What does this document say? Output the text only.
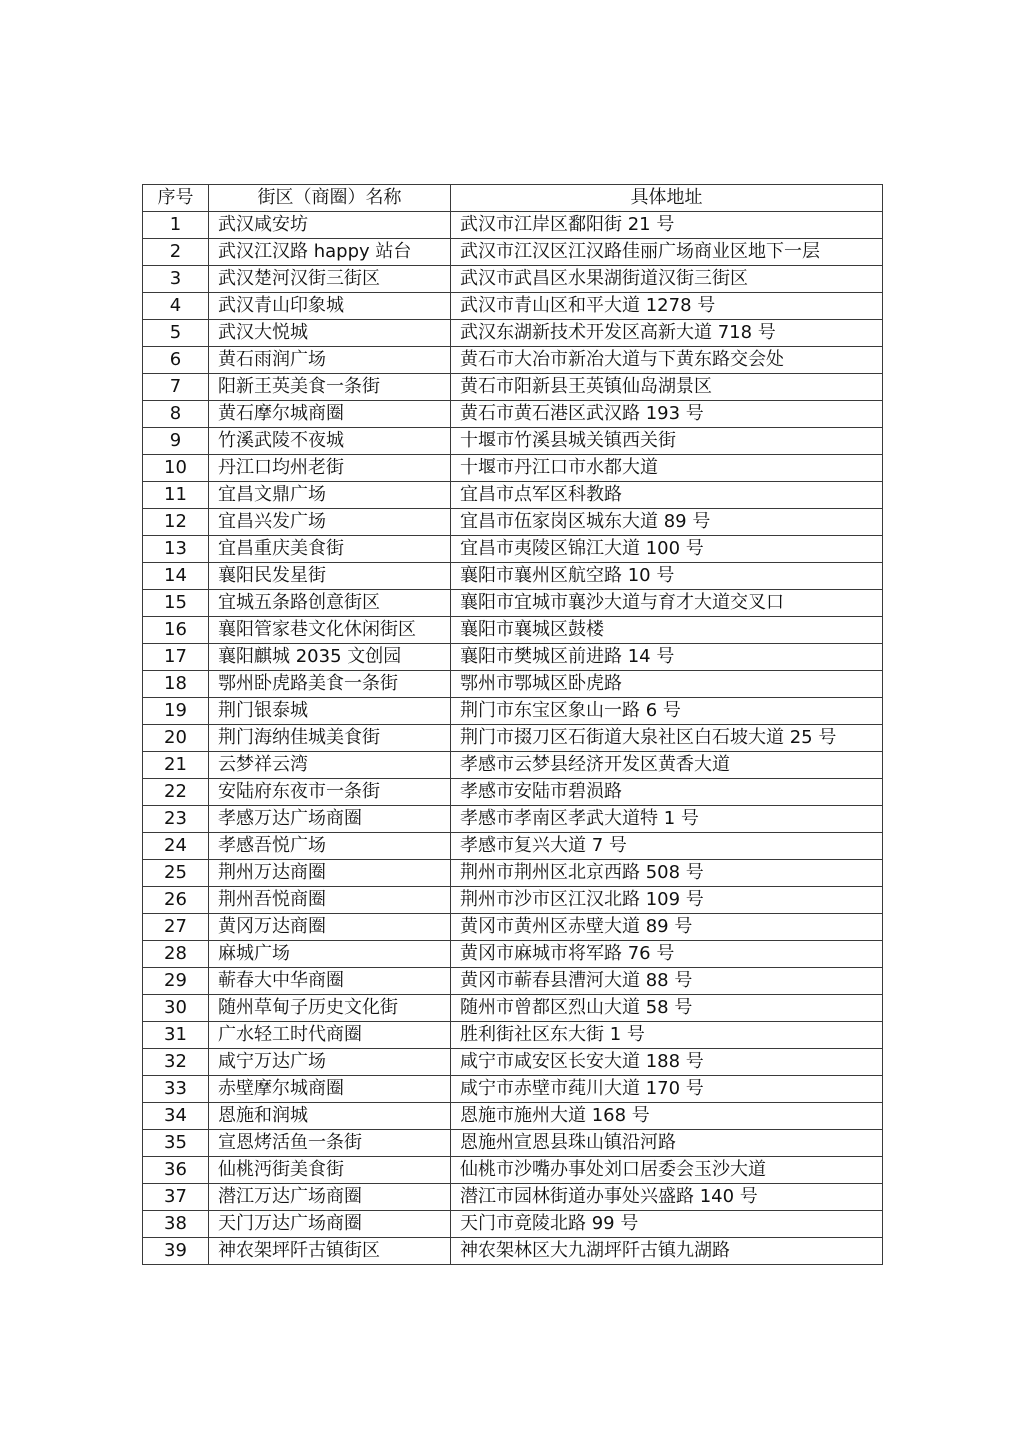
序号	街区（商圈）名称	具体地址
1	武汉咸安坊	武汉市江岸区鄱阳街 21 号
2	武汉江汉路 happy 站台	武汉市江汉区江汉路佳丽广场商业区地下一层
3	武汉楚河汉街三街区	武汉市武昌区水果湖街道汉街三街区
4	武汉青山印象城	武汉市青山区和平大道 1278 号
5	武汉大悦城	武汉东湖新技术开发区高新大道 718 号
6	黄石雨润广场	黄石市大冶市新冶大道与下黄东路交会处
7	阳新王英美食一条街	黄石市阳新县王英镇仙岛湖景区
8	黄石摩尔城商圈	黄石市黄石港区武汉路 193 号
9	竹溪武陵不夜城	十堰市竹溪县城关镇西关街
10	丹江口均州老街	十堰市丹江口市水都大道
11	宜昌文鼎广场	宜昌市点军区科教路
12	宜昌兴发广场	宜昌市伍家岗区城东大道 89 号
13	宜昌重庆美食街	宜昌市夷陵区锦江大道 100 号
14	襄阳民发星街	襄阳市襄州区航空路 10 号
15	宜城五条路创意街区	襄阳市宜城市襄沙大道与育才大道交叉口
16	襄阳管家巷文化休闲街区	襄阳市襄城区鼓楼
17	襄阳麒城 2035 文创园	襄阳市樊城区前进路 14 号
18	鄂州卧虎路美食一条街	鄂州市鄂城区卧虎路
19	荆门银泰城	荆门市东宝区象山一路 6 号
20	荆门海纳佳城美食街	荆门市掇刀区石街道大泉社区白石坡大道 25 号
21	云梦祥云湾	孝感市云梦县经济开发区黄香大道
22	安陆府东夜市一条街	孝感市安陆市碧涢路
23	孝感万达广场商圈	孝感市孝南区孝武大道特 1 号
24	孝感吾悦广场	孝感市复兴大道 7 号
25	荆州万达商圈	荆州市荆州区北京西路 508 号
26	荆州吾悦商圈	荆州市沙市区江汉北路 109 号
27	黄冈万达商圈	黄冈市黄州区赤壁大道 89 号
28	麻城广场	黄冈市麻城市将军路 76 号
29	蕲春大中华商圈	黄冈市蕲春县漕河大道 88 号
30	随州草甸子历史文化街	随州市曾都区烈山大道 58 号
31	广水轻工时代商圈	胜利街社区东大街 1 号
32	咸宁万达广场	咸宁市咸安区长安大道 188 号
33	赤壁摩尔城商圈	咸宁市赤壁市莼川大道 170 号
34	恩施和润城	恩施市施州大道 168 号
35	宣恩烤活鱼一条街	恩施州宣恩县珠山镇沿河路
36	仙桃沔街美食街	仙桃市沙嘴办事处刘口居委会玉沙大道
37	潜江万达广场商圈	潜江市园林街道办事处兴盛路 140 号
38	天门万达广场商圈	天门市竟陵北路 99 号
39	神农架坪阡古镇街区	神农架林区大九湖坪阡古镇九湖路
